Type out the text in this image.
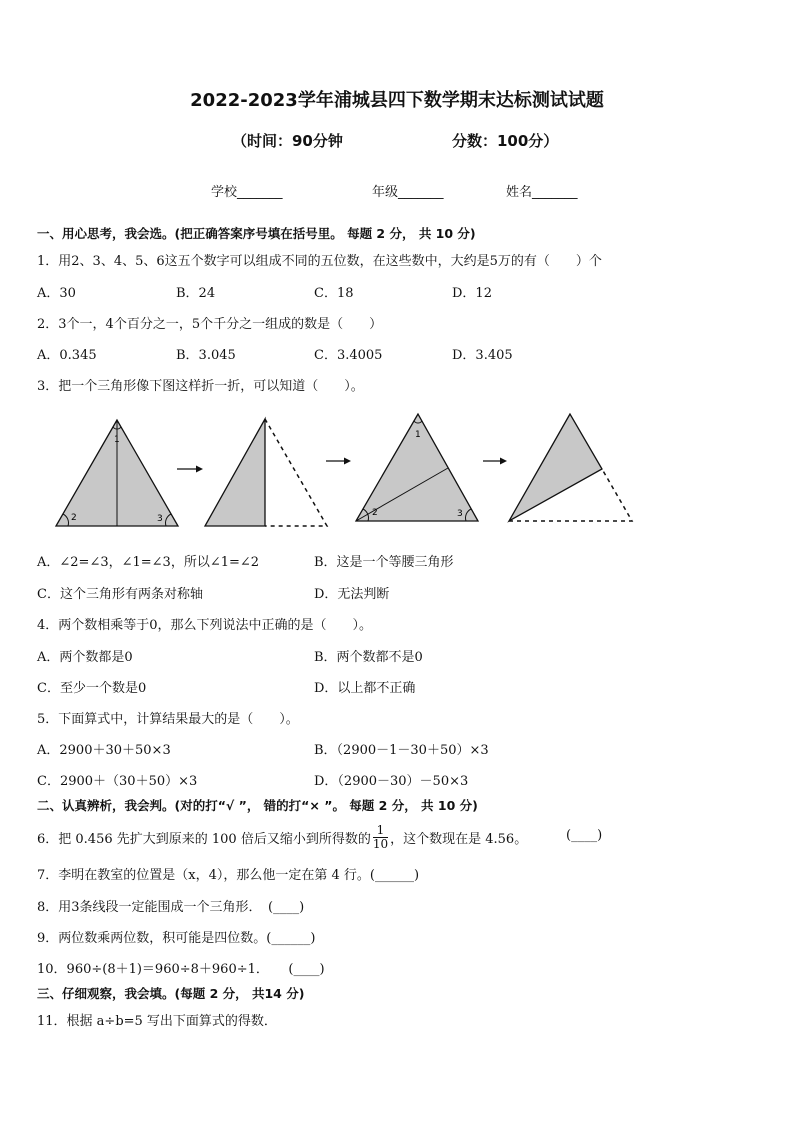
2022-2023学年浦城县四下数学期末达标测试试题
（时间：90分钟	分数：100分）
学校_______	年级_______	姓名_______
一、用心思考，我会选。(把正确答案序号填在括号里。 每题 2 分， 共 10 分)
1．用2、3、4、5、6这五个数字可以组成不同的五位数，在这些数中，大约是5万的有（　　）个
A．30	B．24	C．18	D．12
2．3个一，4个百分之一，5个千分之一组成的数是（　　）
A．0.345	B．3.045	C．3.4005	D．3.405
3．把一个三角形像下图这样折一折，可以知道（　　）。
1
2	3
1
2	3
A．∠2=∠3，∠1=∠3，所以∠1=∠2	B．这是一个等腰三角形
C．这个三角形有两条对称轴	D．无法判断
4．两个数相乘等于0，那么下列说法中正确的是（　　）。
A．两个数都是0	B．两个数都不是0
C．至少一个数是0	D．以上都不正确
5．下面算式中，计算结果最大的是（　　）。
A．2900＋30＋50×3	B．（2900－1－30＋50）×3
C．2900＋（30＋50）×3	D．（2900－30）－50×3
二、认真辨析，我会判。(对的打“√ ”， 错的打“× ”。 每题 2 分， 共 10 分)
6．把 0.456 先扩大到原来的 100 倍后又缩小到所得数的 $\frac{1}{10}$ ，这个数现在是 4.56。	(____)
7．李明在教室的位置是（x，4），那么他一定在第 4 行。(______)
8．用3条线段一定能围成一个三角形．　(____)
9．两位数乘两位数，积可能是四位数。(______)
10．960÷(8＋1)＝960÷8＋960÷1．　　(____)
三、仔细观察，我会填。(每题 2 分， 共14 分)
11．根据 a÷b=5 写出下面算式的得数．
